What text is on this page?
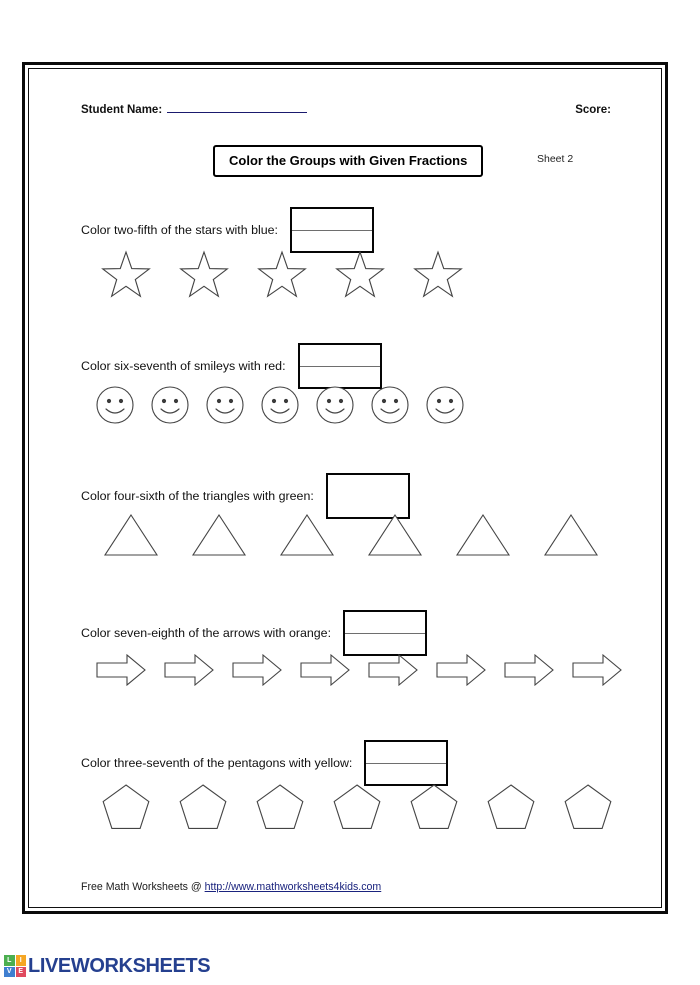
Student Name:	Score:
Color the Groups with Given Fractions	Sheet 2
Color two-fifth of the stars with blue:
Color six-seventh of smileys with red:
Color four-sixth of the triangles with green:
Color seven-eighth of the arrows with orange:
Color three-seventh of the pentagons with yellow:
Free Math Worksheets @ http://www.mathworksheets4kids.com
L	I
V E LIVEWORKSHEETS
